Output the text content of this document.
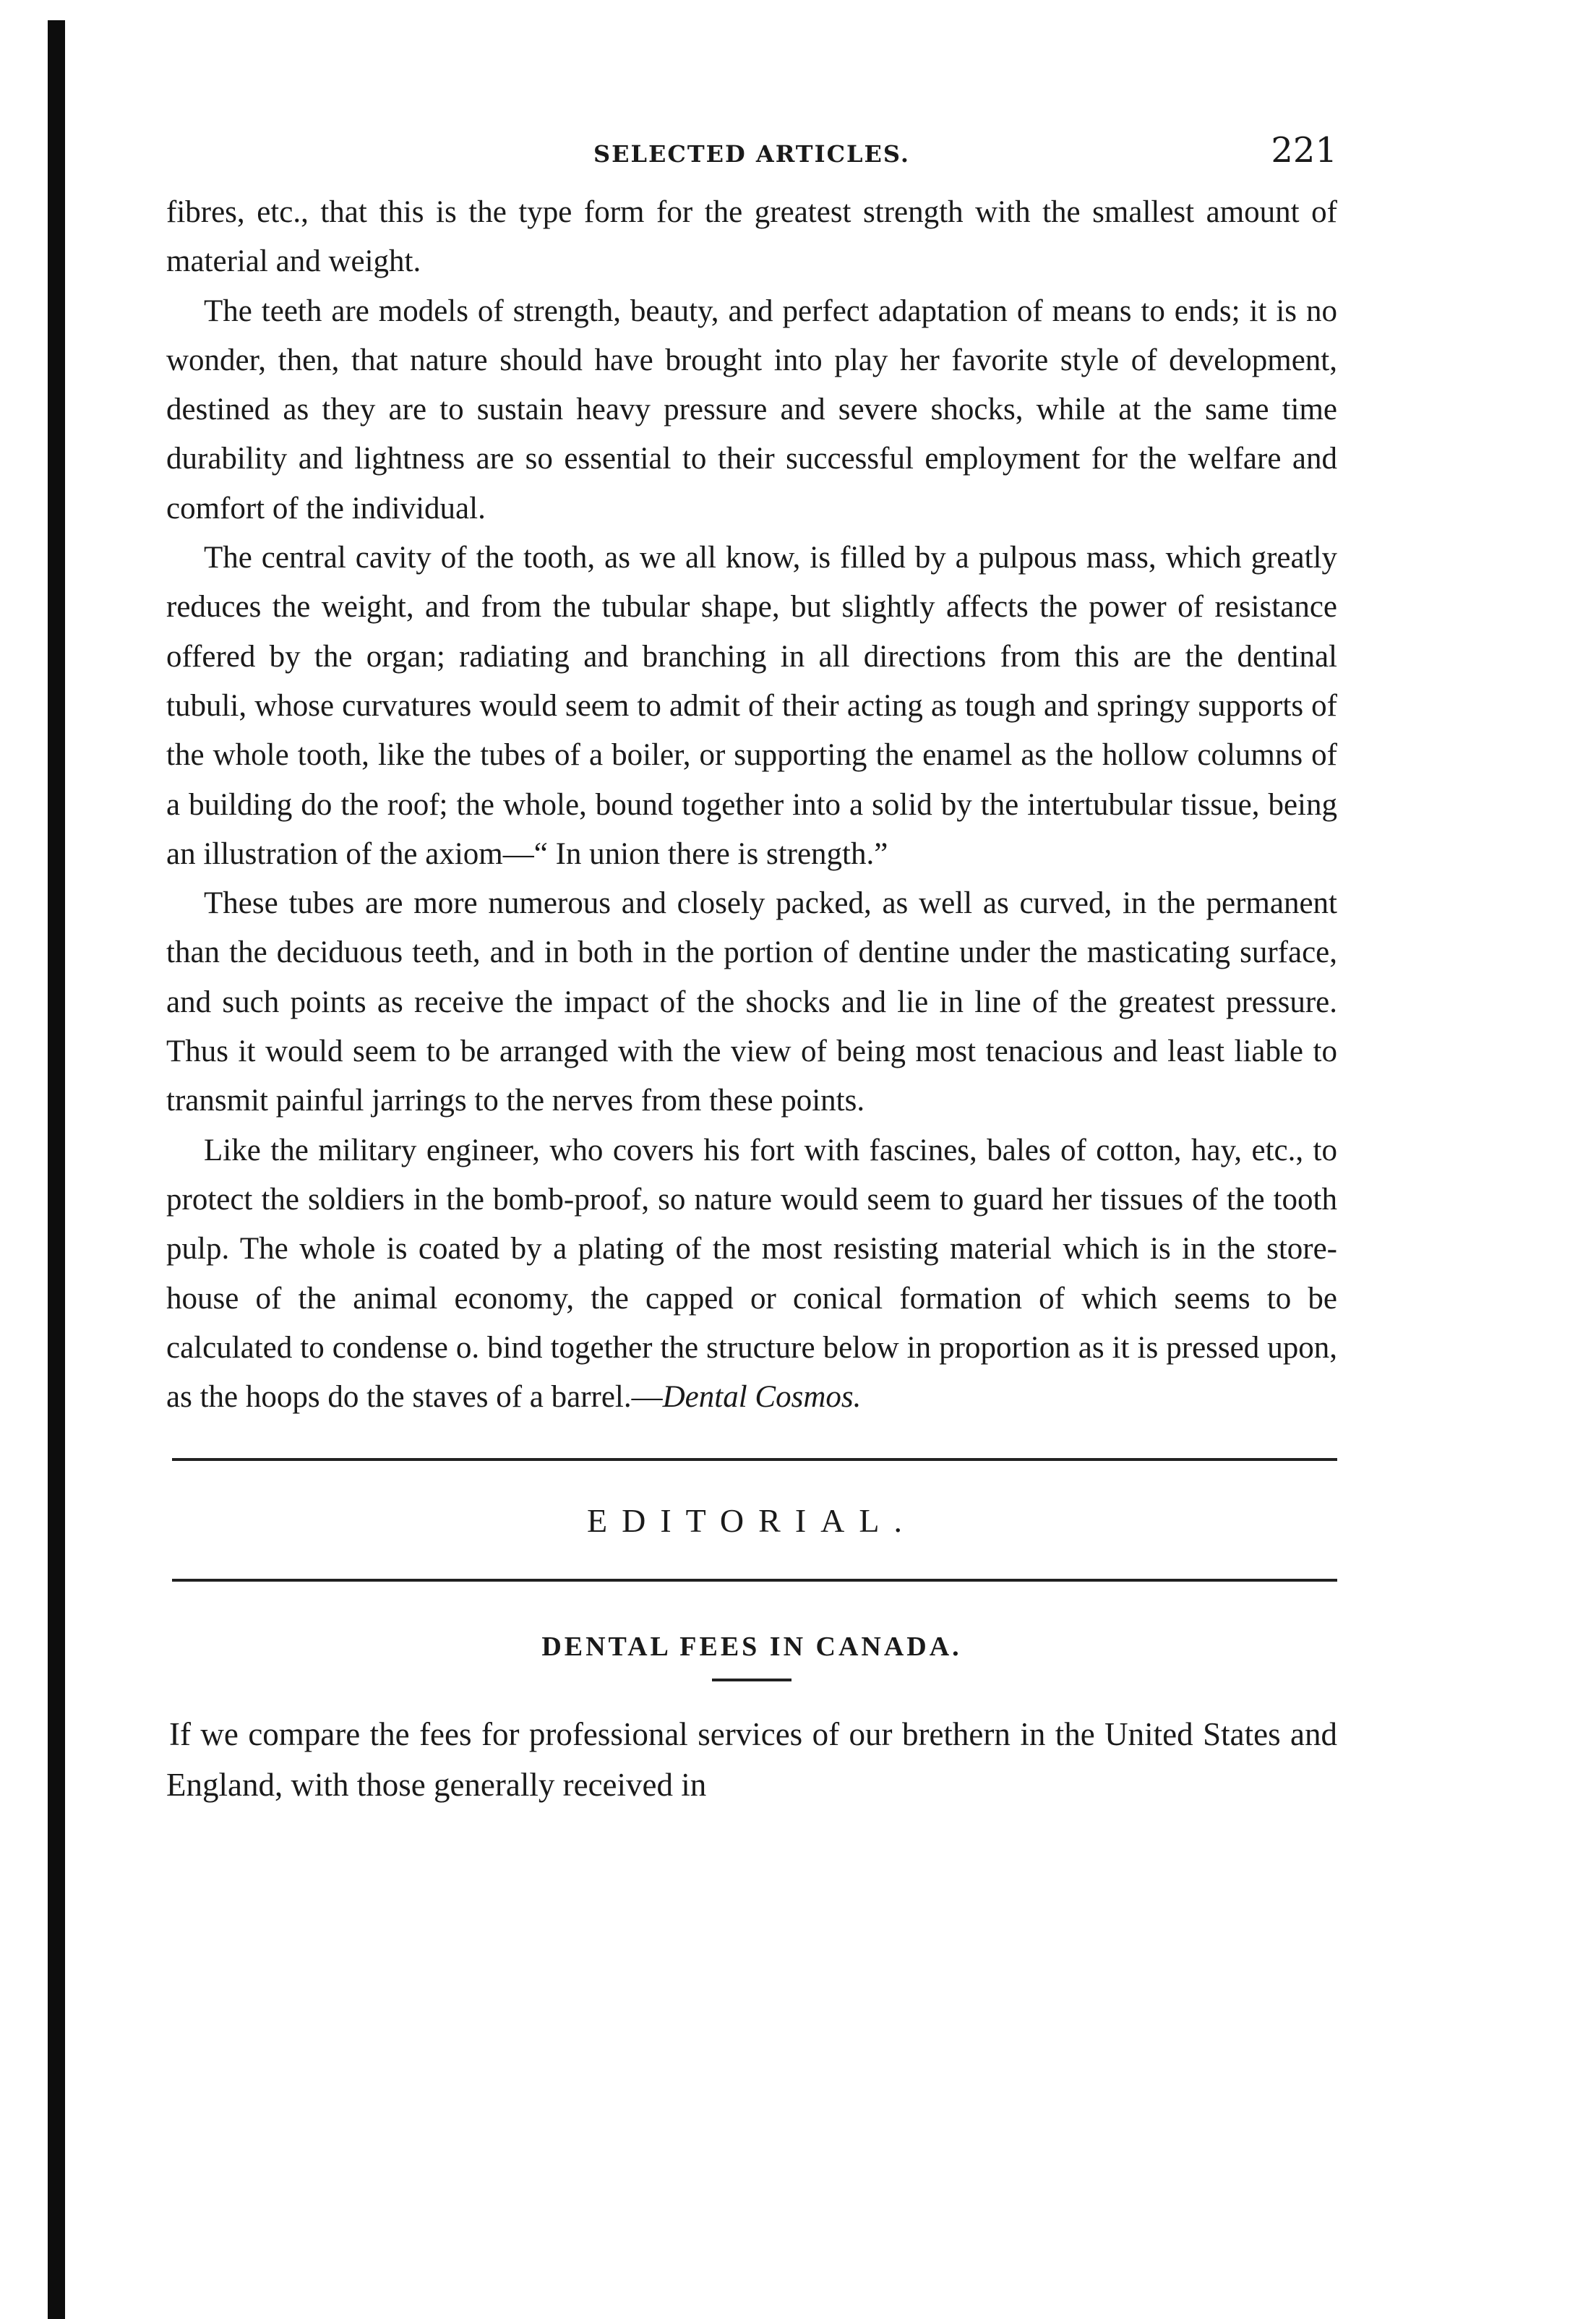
SELECTED ARTICLES.	221

fibres, etc., that this is the type form for the greatest strength with the smallest amount of material and weight.

The teeth are models of strength, beauty, and perfect adaptation of means to ends; it is no wonder, then, that nature should have brought into play her favorite style of development, destined as they are to sustain heavy pressure and severe shocks, while at the same time durability and lightness are so essential to their successful employment for the welfare and comfort of the individual.

The central cavity of the tooth, as we all know, is filled by a pulpous mass, which greatly reduces the weight, and from the tubular shape, but slightly affects the power of resistance offered by the organ; radiating and branching in all directions from this are the dentinal tubuli, whose curvatures would seem to admit of their acting as tough and springy supports of the whole tooth, like the tubes of a boiler, or supporting the enamel as the hollow columns of a building do the roof; the whole, bound together into a solid by the intertubular tissue, being an illustration of the axiom—“ In union there is strength.”

These tubes are more numerous and closely packed, as well as curved, in the permanent than the deciduous teeth, and in both in the portion of dentine under the masticating surface, and such points as receive the impact of the shocks and lie in line of the greatest pressure. Thus it would seem to be arranged with the view of being most tenacious and least liable to transmit painful jarrings to the nerves from these points.

Like the military engineer, who covers his fort with fascines, bales of cotton, hay, etc., to protect the soldiers in the bomb-proof, so nature would seem to guard her tissues of the tooth pulp. The whole is coated by a plating of the most resisting material which is in the store-house of the animal economy, the capped or conical formation of which seems to be calculated to condense o. bind together the structure below in proportion as it is pressed upon, as the hoops do the staves of a barrel.—Dental Cosmos.

EDITORIAL.
DENTAL FEES IN CANADA.

If we compare the fees for professional services of our brethern in the United States and England, with those generally received in
